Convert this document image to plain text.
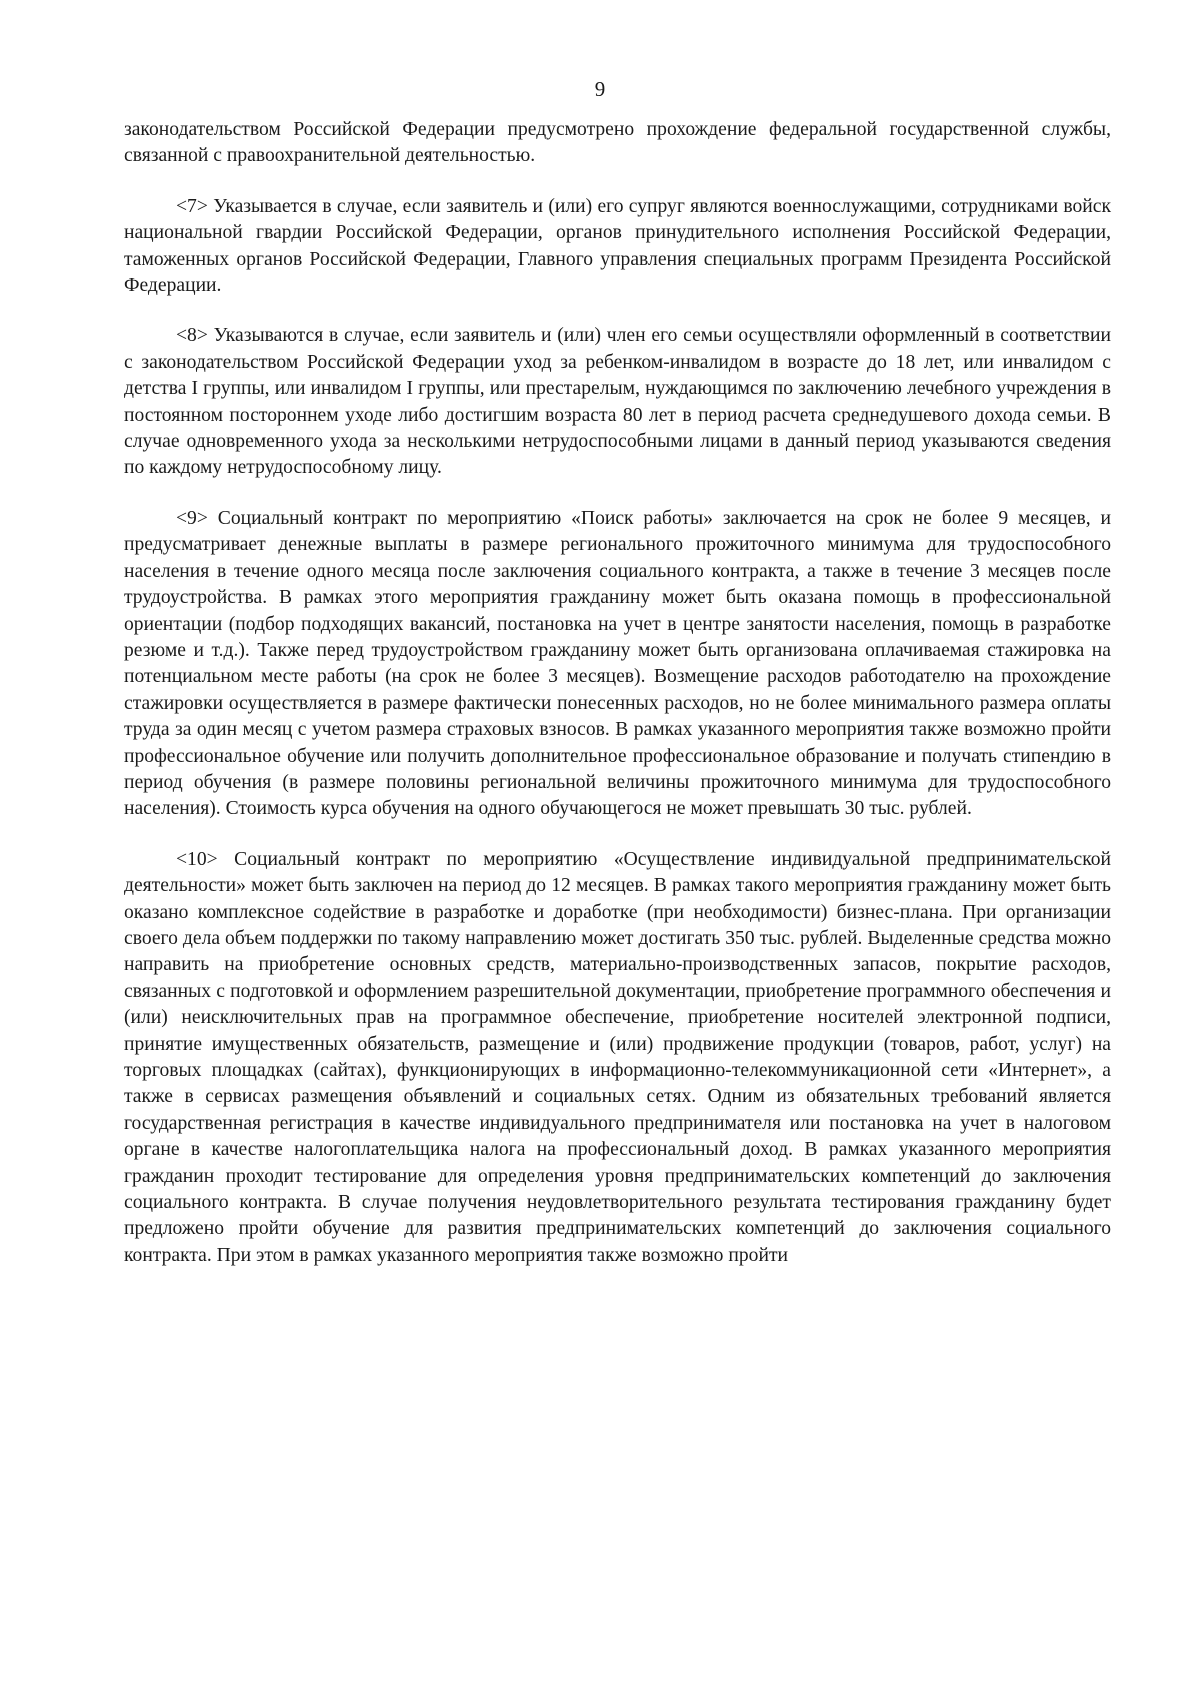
9

законодательством Российской Федерации предусмотрено прохождение федеральной государственной службы, связанной с правоохранительной деятельностью.

<7> Указывается в случае, если заявитель и (или) его супруг являются военнослужащими, сотрудниками войск национальной гвардии Российской Федерации, органов принудительного исполнения Российской Федерации, таможенных органов Российской Федерации, Главного управления специальных программ Президента Российской Федерации.

<8> Указываются в случае, если заявитель и (или) член его семьи осуществляли оформленный в соответствии с законодательством Российской Федерации уход за ребенком-инвалидом в возрасте до 18 лет, или инвалидом с детства I группы, или инвалидом I группы, или престарелым, нуждающимся по заключению лечебного учреждения в постоянном постороннем уходе либо достигшим возраста 80 лет в период расчета среднедушевого дохода семьи. В случае одновременного ухода за несколькими нетрудоспособными лицами в данный период указываются сведения по каждому нетрудоспособному лицу.

<9> Социальный контракт по мероприятию «Поиск работы» заключается на срок не более 9 месяцев, и предусматривает денежные выплаты в размере регионального прожиточного минимума для трудоспособного населения в течение одного месяца после заключения социального контракта, а также в течение 3 месяцев после трудоустройства. В рамках этого мероприятия гражданину может быть оказана помощь в профессиональной ориентации (подбор подходящих вакансий, постановка на учет в центре занятости населения, помощь в разработке резюме и т.д.). Также перед трудоустройством гражданину может быть организована оплачиваемая стажировка на потенциальном месте работы (на срок не более 3 месяцев). Возмещение расходов работодателю на прохождение стажировки осуществляется в размере фактически понесенных расходов, но не более минимального размера оплаты труда за один месяц с учетом размера страховых взносов. В рамках указанного мероприятия также возможно пройти профессиональное обучение или получить дополнительное профессиональное образование и получать стипендию в период обучения (в размере половины региональной величины прожиточного минимума для трудоспособного населения). Стоимость курса обучения на одного обучающегося не может превышать 30 тыс. рублей.

<10> Социальный контракт по мероприятию «Осуществление индивидуальной предпринимательской деятельности» может быть заключен на период до 12 месяцев. В рамках такого мероприятия гражданину может быть оказано комплексное содействие в разработке и доработке (при необходимости) бизнес-плана. При организации своего дела объем поддержки по такому направлению может достигать 350 тыс. рублей. Выделенные средства можно направить на приобретение основных средств, материально-производственных запасов, покрытие расходов, связанных с подготовкой и оформлением разрешительной документации, приобретение программного обеспечения и (или) неисключительных прав на программное обеспечение, приобретение носителей электронной подписи, принятие имущественных обязательств, размещение и (или) продвижение продукции (товаров, работ, услуг) на торговых площадках (сайтах), функционирующих в информационно-телекоммуникационной сети «Интернет», а также в сервисах размещения объявлений и социальных сетях. Одним из обязательных требований является государственная регистрация в качестве индивидуального предпринимателя или постановка на учет в налоговом органе в качестве налогоплательщика налога на профессиональный доход. В рамках указанного мероприятия гражданин проходит тестирование для определения уровня предпринимательских компетенций до заключения социального контракта. В случае получения неудовлетворительного результата тестирования гражданину будет предложено пройти обучение для развития предпринимательских компетенций до заключения социального контракта. При этом в рамках указанного мероприятия также возможно пройти
